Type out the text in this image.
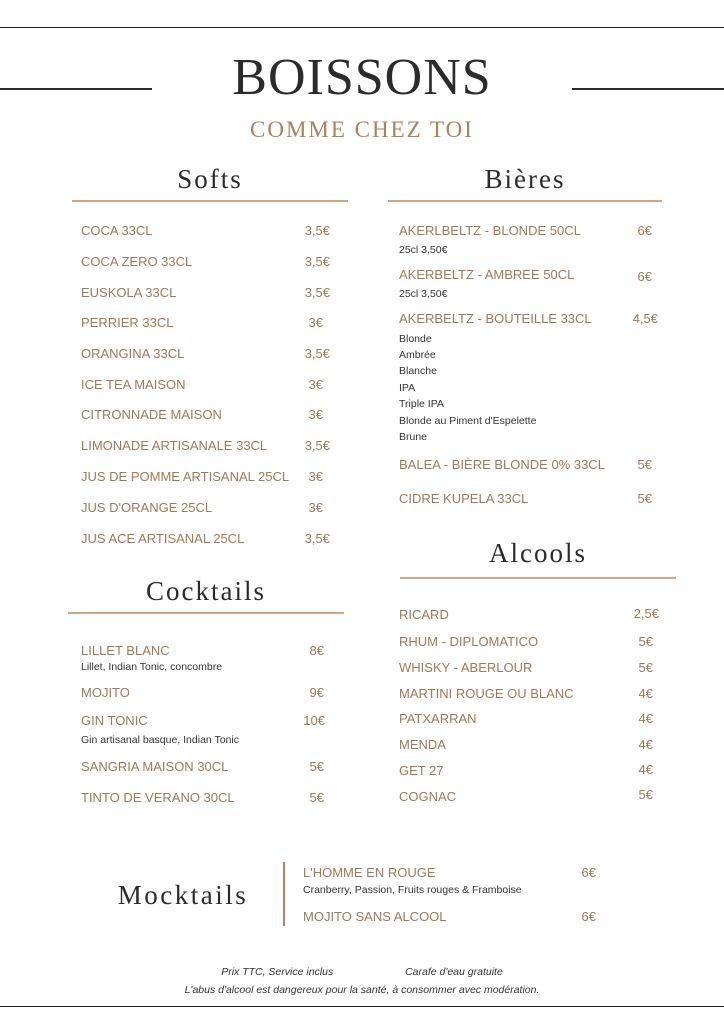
BOISSONS
COMME CHEZ TOI
Softs
COCA 33CL	3,5€
COCA ZERO 33CL	3,5€
EUSKOLA 33CL	3,5€
PERRIER 33CL	3€
ORANGINA 33CL	3,5€
ICE TEA MAISON	3€
CITRONNADE MAISON	3€
LIMONADE ARTISANALE 33CL	3,5€
JUS DE POMME ARTISANAL 25CL	3€
JUS D'ORANGE 25CL	3€
JUS ACE ARTISANAL 25CL	3,5€
Bières
AKERLBELTZ - BLONDE 50CL	6€
25cl 3,50€
AKERBELTZ - AMBREE 50CL	6€
25cl 3,50€
AKERBELTZ - BOUTEILLE 33CL	4,5€
Blonde
Ambrée
Blanche
IPA
Triple IPA
Blonde au Piment d'Espelette
Brune
BALEA - BIÈRE BLONDE 0% 33CL	5€
CIDRE KUPELA 33CL	5€
Cocktails
LILLET BLANC	8€
Lillet, Indian Tonic, concombre
MOJITO	9€
GIN TONIC	10€
Gin artisanal basque, Indian Tonic
SANGRIA MAISON 30CL	5€
TINTO DE VERANO 30CL	5€
Alcools
RICARD	2,5€
RHUM - DIPLOMATICO	5€
WHISKY - ABERLOUR	5€
MARTINI ROUGE OU BLANC	4€
PATXARRAN	4€
MENDA	4€
GET 27	4€
COGNAC	5€
Mocktails
L'HOMME EN ROUGE	6€
Cranberry, Passion, Fruits rouges & Framboise
MOJITO SANS ALCOOL	6€
Prix TTC, Service inclus	Carafe d'eau gratuite
L'abus d'alcool est dangereux pour la santé, à consommer avec modération.
